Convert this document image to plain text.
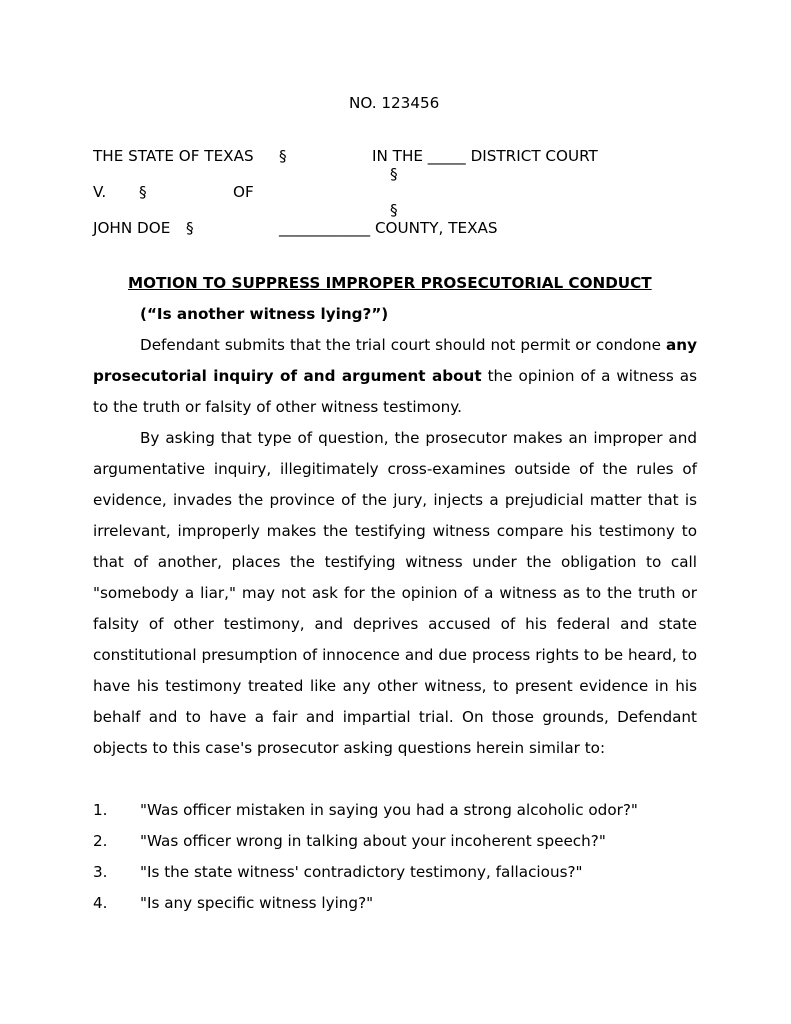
NO. 123456
THE STATE OF TEXAS §	IN THE _____ DISTRICT COURT
§
V. §	OF
§
JOHN DOE §	____________ COUNTY, TEXAS
MOTION TO SUPPRESS IMPROPER PROSECUTORIAL CONDUCT
(“Is another witness lying?”)

Defendant submits that the trial court should not permit or condone any prosecutorial inquiry of and argument about the opinion of a witness as to the truth or falsity of other witness testimony.

By asking that type of question, the prosecutor makes an improper and argumentative inquiry, illegitimately cross-examines outside of the rules of evidence, invades the province of the jury, injects a prejudicial matter that is irrelevant, improperly makes the testifying witness compare his testimony to that of another, places the testifying witness under the obligation to call "somebody a liar," may not ask for the opinion of a witness as to the truth or falsity of other testimony, and deprives accused of his federal and state constitutional presumption of innocence and due process rights to be heard, to have his testimony treated like any other witness, to present evidence in his behalf and to have a fair and impartial trial. On those grounds, Defendant objects to this case's prosecutor asking questions herein similar to:

1. "Was officer mistaken in saying you had a strong alcoholic odor?"
2. "Was officer wrong in talking about your incoherent speech?"
3. "Is the state witness' contradictory testimony, fallacious?"
4. "Is any specific witness lying?"
